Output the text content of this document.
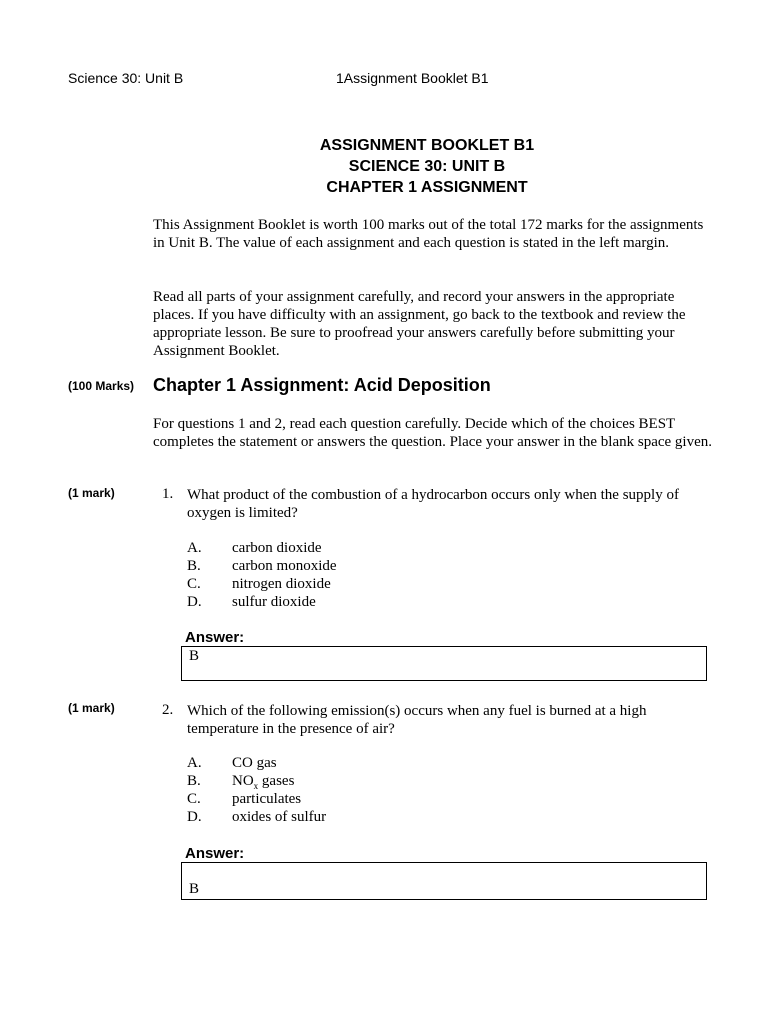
Science 30: Unit B	1Assignment Booklet B1
ASSIGNMENT BOOKLET B1
SCIENCE 30: UNIT B
CHAPTER 1 ASSIGNMENT
This Assignment Booklet is worth 100 marks out of the total 172 marks for the assignments in Unit B. The value of each assignment and each question is stated in the left margin.
Read all parts of your assignment carefully, and record your answers in the appropriate places. If you have difficulty with an assignment, go back to the textbook and review the appropriate lesson. Be sure to proofread your answers carefully before submitting your Assignment Booklet.
(100 Marks) Chapter 1 Assignment: Acid Deposition
For questions 1 and 2, read each question carefully. Decide which of the choices BEST completes the statement or answers the question. Place your answer in the blank space given.
(1 mark)	1. What product of the combustion of a hydrocarbon occurs only when the supply of oxygen is limited?
A. carbon dioxide
B. carbon monoxide
C. nitrogen dioxide
D. sulfur dioxide
Answer:
B
(1 mark)	2. Which of the following emission(s) occurs when any fuel is burned at a high temperature in the presence of air?
A. CO gas
B. $NO_x$ gases
C. particulates
D. oxides of sulfur
Answer:
B
